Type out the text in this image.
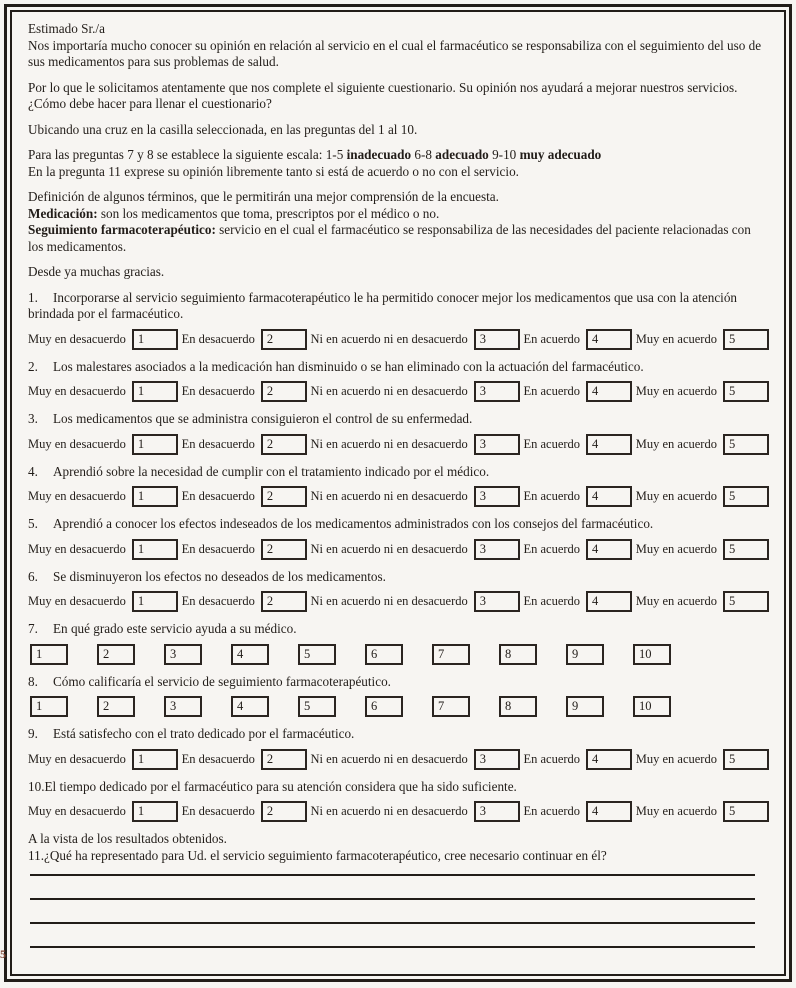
Estimado Sr./a
Nos importaría mucho conocer su opinión en relación al servicio en el cual el farmacéutico se responsabiliza con el seguimiento del uso de sus medicamentos para sus problemas de salud.

Por lo que le solicitamos atentamente que nos complete el siguiente cuestionario. Su opinión nos ayudará a mejorar nuestros servicios.
¿Cómo debe hacer para llenar el cuestionario?

Ubicando una cruz en la casilla seleccionada, en las preguntas del 1 al 10.

Para las preguntas 7 y 8 se establece la siguiente escala: 1-5 inadecuado 6-8 adecuado 9-10 muy adecuado
En la pregunta 11 exprese su opinión libremente tanto si está de acuerdo o no con el servicio.

Definición de algunos términos, que le permitirán una mejor comprensión de la encuesta.
Medicación: son los medicamentos que toma, prescriptos por el médico o no.
Seguimiento farmacoterapéutico: servicio en el cual el farmacéutico se responsabiliza de las necesidades del paciente relacionadas con los medicamentos.

Desde ya muchas gracias.

1. Incorporarse al servicio seguimiento farmacoterapéutico le ha permitido conocer mejor los medicamentos que usa con la atención brindada por el farmacéutico.

Muy en desacuerdo 1	En desacuerdo 2	Ni en acuerdo ni en desacuerdo 3	En acuerdo 4	Muy en acuerdo 5

2. Los malestares asociados a la medicación han disminuido o se han eliminado con la actuación del farmacéutico.

Muy en desacuerdo 1	En desacuerdo 2	Ni en acuerdo ni en desacuerdo 3	En acuerdo 4	Muy en acuerdo 5

3. Los medicamentos que se administra consiguieron el control de su enfermedad.

Muy en desacuerdo 1	En desacuerdo 2	Ni en acuerdo ni en desacuerdo 3	En acuerdo 4	Muy en acuerdo 5

4. Aprendió sobre la necesidad de cumplir con el tratamiento indicado por el médico.

Muy en desacuerdo 1	En desacuerdo 2	Ni en acuerdo ni en desacuerdo 3	En acuerdo 4	Muy en acuerdo 5

5. Aprendió a conocer los efectos indeseados de los medicamentos administrados con los consejos del farmacéutico.

Muy en desacuerdo 1	En desacuerdo 2	Ni en acuerdo ni en desacuerdo 3	En acuerdo 4	Muy en acuerdo 5

6. Se disminuyeron los efectos no deseados de los medicamentos.

Muy en desacuerdo 1	En desacuerdo 2	Ni en acuerdo ni en desacuerdo 3	En acuerdo 4	Muy en acuerdo 5

7. En qué grado este servicio ayuda a su médico.

1	2	3	4	5	6	7	8	9	10

8. Cómo calificaría el servicio de seguimiento farmacoterapéutico.

1	2	3	4	5	6	7	8	9	10

9. Está satisfecho con el trato dedicado por el farmacéutico.

Muy en desacuerdo 1	En desacuerdo 2	Ni en acuerdo ni en desacuerdo 3	En acuerdo 4	Muy en acuerdo 5

10.El tiempo dedicado por el farmacéutico para su atención considera que ha sido suficiente.

Muy en desacuerdo 1	En desacuerdo 2	Ni en acuerdo ni en desacuerdo 3	En acuerdo 4	Muy en acuerdo 5

A la vista de los resultados obtenidos.
11.¿Qué ha representado para Ud. el servicio seguimiento farmacoterapéutico, cree necesario continuar en él?

5
